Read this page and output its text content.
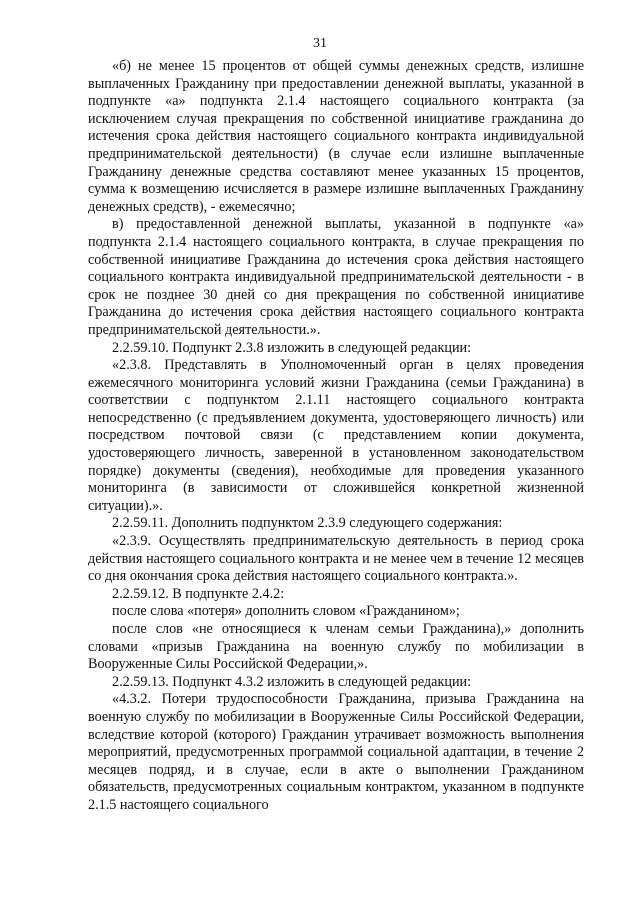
31

«б) не менее 15 процентов от общей суммы денежных средств, излишне выплаченных Гражданину при предоставлении денежной выплаты, указанной в подпункте «а» подпункта 2.1.4 настоящего социального контракта (за исключением случая прекращения по собственной инициативе гражданина до истечения срока действия настоящего социального контракта индивидуальной предпринимательской деятельности) (в случае если излишне выплаченные Гражданину денежные средства составляют менее указанных 15 процентов, сумма к возмещению исчисляется в размере излишне выплаченных Гражданину денежных средств), - ежемесячно;

в) предоставленной денежной выплаты, указанной в подпункте «а» подпункта 2.1.4 настоящего социального контракта, в случае прекращения по собственной инициативе Гражданина до истечения срока действия настоящего социального контракта индивидуальной предпринимательской деятельности - в срок не позднее 30 дней со дня прекращения по собственной инициативе Гражданина до истечения срока действия настоящего социального контракта предпринимательской деятельности.».

2.2.59.10. Подпункт 2.3.8 изложить в следующей редакции:

«2.3.8. Представлять в Уполномоченный орган в целях проведения ежемесячного мониторинга условий жизни Гражданина (семьи Гражданина) в соответствии с подпунктом 2.1.11 настоящего социального контракта непосредственно (с предъявлением документа, удостоверяющего личность) или посредством почтовой связи (с представлением копии документа, удостоверяющего личность, заверенной в установленном законодательством порядке) документы (сведения), необходимые для проведения указанного мониторинга (в зависимости от сложившейся конкретной жизненной ситуации).».

2.2.59.11. Дополнить подпунктом 2.3.9 следующего содержания:

«2.3.9. Осуществлять предпринимательскую деятельность в период срока действия настоящего социального контракта и не менее чем в течение 12 месяцев со дня окончания срока действия настоящего социального контракта.».

2.2.59.12. В подпункте 2.4.2:

после слова «потеря» дополнить словом «Гражданином»;

после слов «не относящиеся к членам семьи Гражданина),» дополнить словами «призыв Гражданина на военную службу по мобилизации в Вооруженные Силы Российской Федерации,».

2.2.59.13. Подпункт 4.3.2 изложить в следующей редакции:

«4.3.2. Потери трудоспособности Гражданина, призыва Гражданина на военную службу по мобилизации в Вооруженные Силы Российской Федерации, вследствие которой (которого) Гражданин утрачивает возможность выполнения мероприятий, предусмотренных программой социальной адаптации, в течение 2 месяцев подряд, и в случае, если в акте о выполнении Гражданином обязательств, предусмотренных социальным контрактом, указанном в подпункте 2.1.5 настоящего социального
